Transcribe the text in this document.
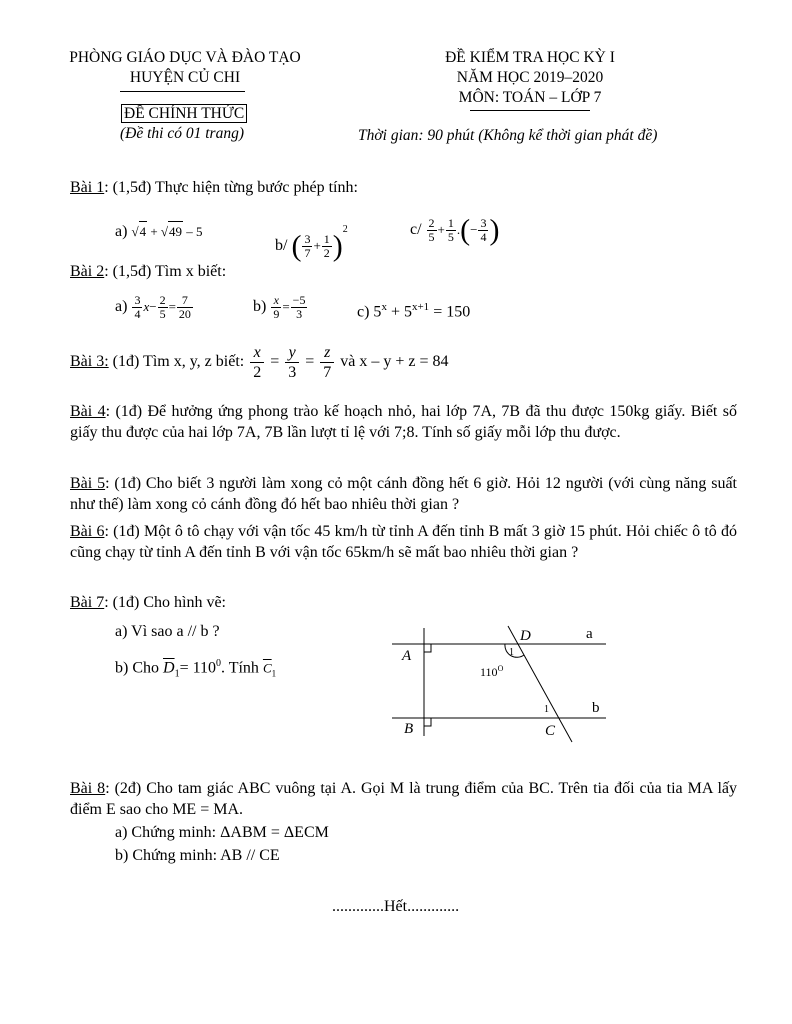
PHÒNG GIÁO DỤC VÀ ĐÀO TẠO
HUYỆN CỦ CHI
ĐỀ CHÍNH THỨC
(Đề thi có 01 trang)
ĐỀ KIỂM TRA HỌC KỲ I
NĂM HỌC 2019–2020
MÔN: TOÁN – LỚP 7
Thời gian: 90 phút (Không kể thời gian phát đề)
Bài 1: (1,5đ) Thực hiện từng bước phép tính:
a) √4 + √49 – 5
b/ ( $\frac{3}{7} + \frac{1}{2} )^2$	$c/ \frac{2}{5} + \frac{1}{5}$ .(− $\frac{3}{4}$ )
Bài 2: (1,5đ) Tìm x biết:
$a) \frac{3}{4} x- \frac{2}{5} = \frac{7}{20}$	$b) \frac{x}{9} = \frac{-5}{3}$	c) $5^x + 5^{x+1} = 150$
Bài 3: (1đ) Tìm x, y, z biết: $\frac{x}{2} = \frac{y}{3} = \frac{z}{7}$ và x – y + z = 84
Bài 4: (1đ) Để hưởng ứng phong trào kế hoạch nhỏ, hai lớp 7A, 7B đã thu được 150kg giấy. Biết số giấy thu được của hai lớp 7A, 7B lần lượt tỉ lệ với 7;8. Tính số giấy mỗi lớp thu được.
Bài 5: (1đ) Cho biết 3 người làm xong cỏ một cánh đồng hết 6 giờ. Hỏi 12 người (với cùng năng suất như thế) làm xong cỏ cánh đồng đó hết bao nhiêu thời gian ?
Bài 6: (1đ) Một ô tô chạy với vận tốc 45 km/h từ tỉnh A đến tỉnh B mất 3 giờ 15 phút. Hỏi chiếc ô tô đó cũng chạy từ tỉnh A đến tỉnh B với vận tốc 65km/h sẽ mất bao nhiêu thời gian ?
Bài 7: (1đ) Cho hình vẽ:
a) Vì sao a // b ?
b) Cho $\overline{D}_1= 110^0$. Tính $\overline{C}_1$
D	a
A	1
$110^O$
1	b
B	C
Bài 8: (2đ) Cho tam giác ABC vuông tại A. Gọi M là trung điểm của BC. Trên tia đối của tia MA lấy điểm E sao cho ME = MA.
a) Chứng minh: ΔABM = ΔECM
b) Chứng minh: AB // CE
.............Hết.............
